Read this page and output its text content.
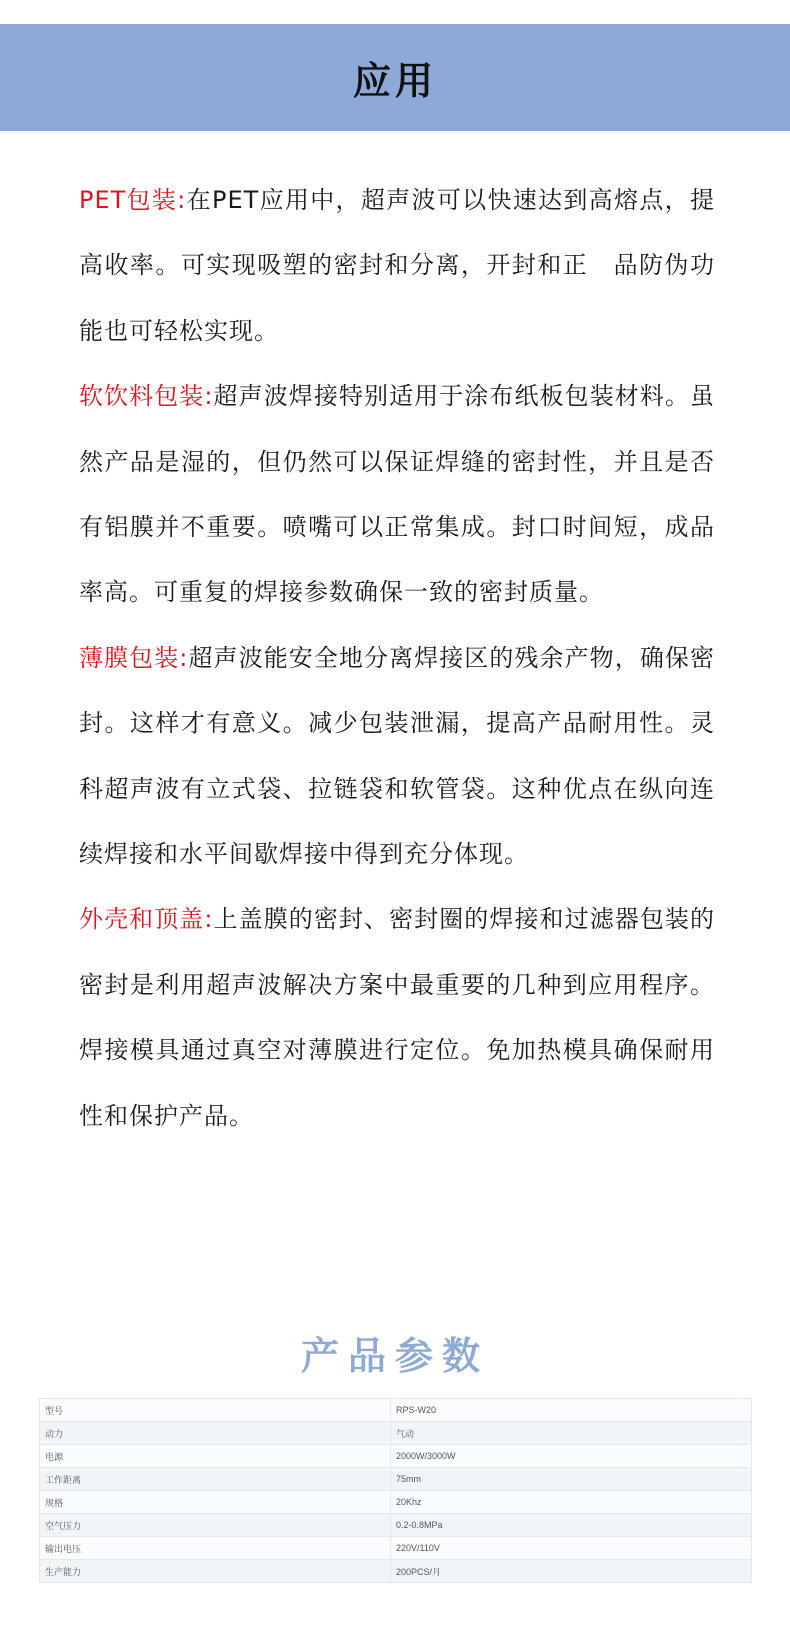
应用

PET包装:在PET应用中，超声波可以快速达到高熔点，提高收率。可实现吸塑的密封和分离，开封和正　品防伪功能也可轻松实现。

软饮料包装:超声波焊接特别适用于涂布纸板包装材料。虽然产品是湿的，但仍然可以保证焊缝的密封性，并且是否有铝膜并不重要。喷嘴可以正常集成。封口时间短，成品率高。可重复的焊接参数确保一致的密封质量。

薄膜包装:超声波能安全地分离焊接区的残余产物，确保密封。这样才有意义。减少包装泄漏，提高产品耐用性。灵科超声波有立式袋、拉链袋和软管袋。这种优点在纵向连续焊接和水平间歇焊接中得到充分体现。

外壳和顶盖:上盖膜的密封、密封圈的焊接和过滤器包装的密封是利用超声波解决方案中最重要的几种到应用程序。焊接模具通过真空对薄膜进行定位。免加热模具确保耐用性和保护产品。

产品参数
型号	RPS-W20
动力	气动
电源	2000W/3000W
工作距离	75mm
规格	20Khz
空气压力	0.2-0.8MPa
输出电压	220V/110V
生产能力	200PCS/月
